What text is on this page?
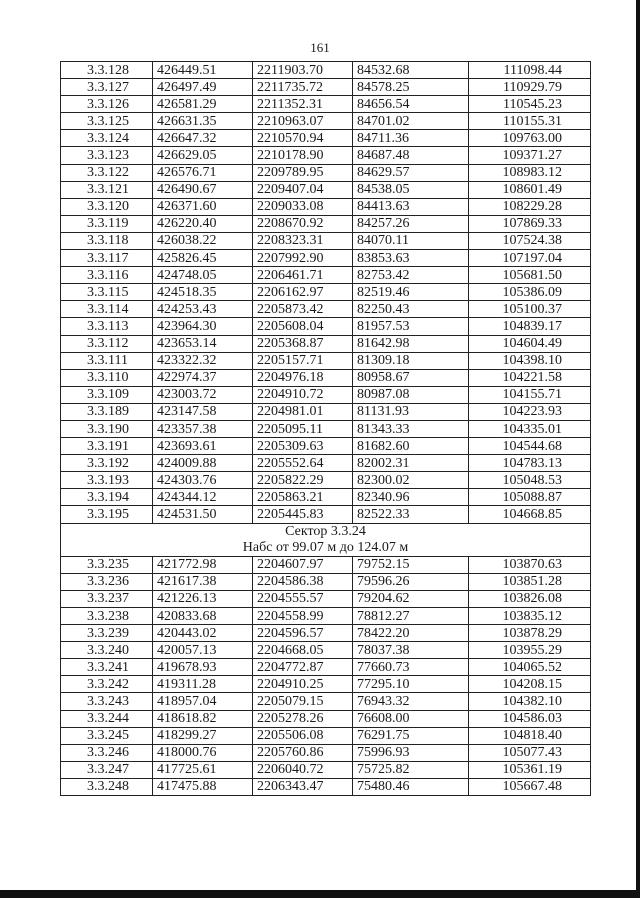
161
3.3.128	426449.51	2211903.70	84532.68	111098.44
3.3.127	426497.49	2211735.72	84578.25	110929.79
3.3.126	426581.29	2211352.31	84656.54	110545.23
3.3.125	426631.35	2210963.07	84701.02	110155.31
3.3.124	426647.32	2210570.94	84711.36	109763.00
3.3.123	426629.05	2210178.90	84687.48	109371.27
3.3.122	426576.71	2209789.95	84629.57	108983.12
3.3.121	426490.67	2209407.04	84538.05	108601.49
3.3.120	426371.60	2209033.08	84413.63	108229.28
3.3.119	426220.40	2208670.92	84257.26	107869.33
3.3.118	426038.22	2208323.31	84070.11	107524.38
3.3.117	425826.45	2207992.90	83853.63	107197.04
3.3.116	424748.05	2206461.71	82753.42	105681.50
3.3.115	424518.35	2206162.97	82519.46	105386.09
3.3.114	424253.43	2205873.42	82250.43	105100.37
3.3.113	423964.30	2205608.04	81957.53	104839.17
3.3.112	423653.14	2205368.87	81642.98	104604.49
3.3.111	423322.32	2205157.71	81309.18	104398.10
3.3.110	422974.37	2204976.18	80958.67	104221.58
3.3.109	423003.72	2204910.72	80987.08	104155.71
3.3.189	423147.58	2204981.01	81131.93	104223.93
3.3.190	423357.38	2205095.11	81343.33	104335.01
3.3.191	423693.61	2205309.63	81682.60	104544.68
3.3.192	424009.88	2205552.64	82002.31	104783.13
3.3.193	424303.76	2205822.29	82300.02	105048.53
3.3.194	424344.12	2205863.21	82340.96	105088.87
3.3.195	424531.50	2205445.83	82522.33	104668.85
Сектор 3.3.24				
Набс от 99.07 м до 124.07 м				
3.3.235	421772.98	2204607.97	79752.15	103870.63
3.3.236	421617.38	2204586.38	79596.26	103851.28
3.3.237	421226.13	2204555.57	79204.62	103826.08
3.3.238	420833.68	2204558.99	78812.27	103835.12
3.3.239	420443.02	2204596.57	78422.20	103878.29
3.3.240	420057.13	2204668.05	78037.38	103955.29
3.3.241	419678.93	2204772.87	77660.73	104065.52
3.3.242	419311.28	2204910.25	77295.10	104208.15
3.3.243	418957.04	2205079.15	76943.32	104382.10
3.3.244	418618.82	2205278.26	76608.00	104586.03
3.3.245	418299.27	2205506.08	76291.75	104818.40
3.3.246	418000.76	2205760.86	75996.93	105077.43
3.3.247	417725.61	2206040.72	75725.82	105361.19
3.3.248	417475.88	2206343.47	75480.46	105667.48
